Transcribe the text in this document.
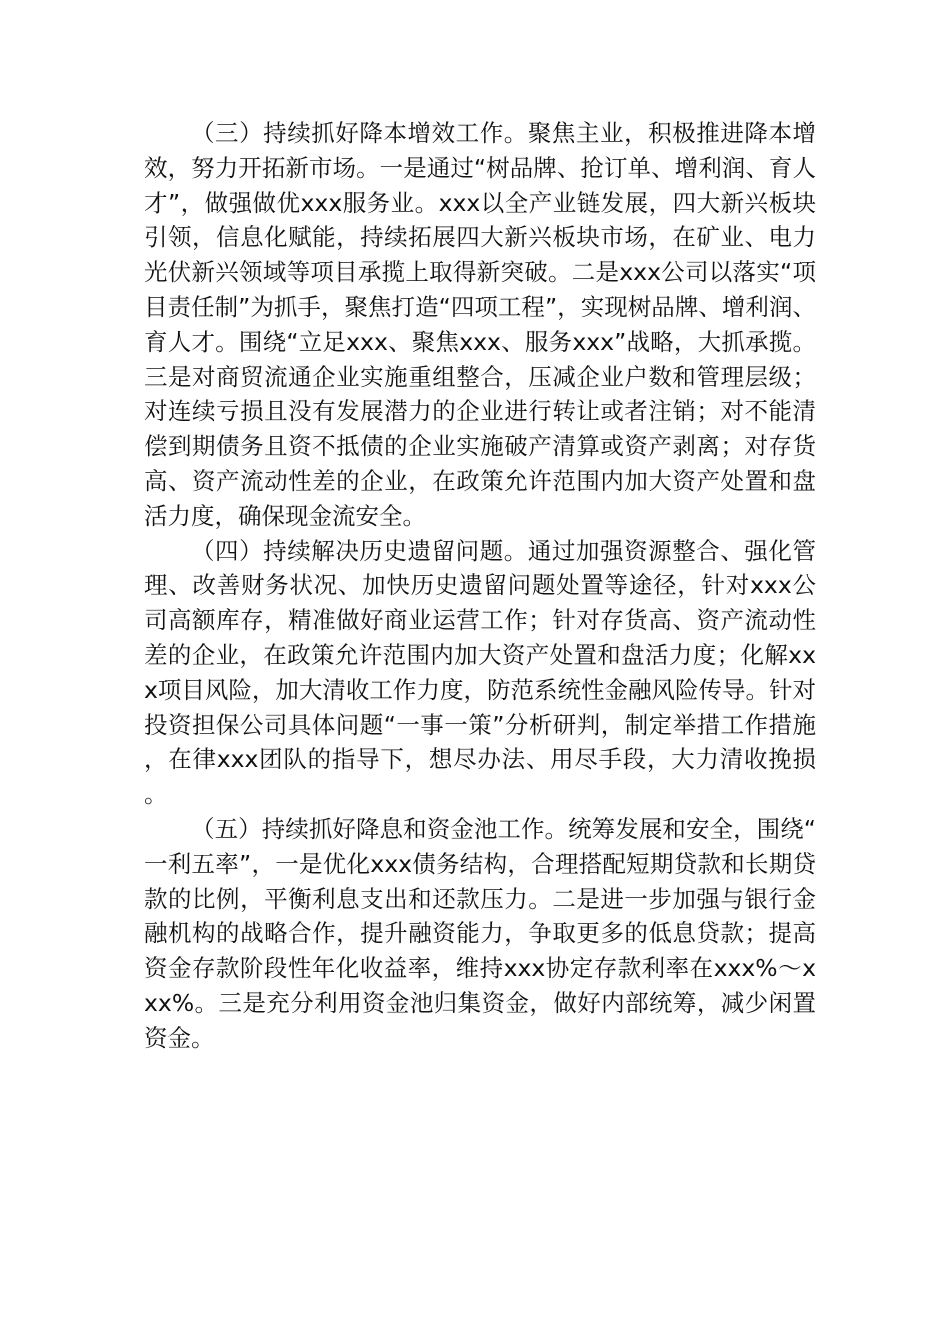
（三）持续抓好降本增效工作。聚焦主业，积极推进降本增效，努力开拓新市场。一是通过“树品牌、抢订单、增利润、育人才”，做强做优xxx服务业。xxx以全产业链发展，四大新兴板块引领，信息化赋能，持续拓展四大新兴板块市场，在矿业、电力光伏新兴领域等项目承揽上取得新突破。二是xxx公司以落实“项目责任制”为抓手，聚焦打造“四项工程”，实现树品牌、增利润、育人才。围绕“立足xxx、聚焦xxx、服务xxx”战略，大抓承揽。三是对商贸流通企业实施重组整合，压减企业户数和管理层级；对连续亏损且没有发展潜力的企业进行转让或者注销；对不能清偿到期债务且资不抵债的企业实施破产清算或资产剥离；对存货高、资产流动性差的企业，在政策允许范围内加大资产处置和盘活力度，确保现金流安全。

（四）持续解决历史遗留问题。通过加强资源整合、强化管理、改善财务状况、加快历史遗留问题处置等途径，针对xxx公司高额库存，精准做好商业运营工作；针对存货高、资产流动性差的企业，在政策允许范围内加大资产处置和盘活力度；化解xxx项目风险，加大清收工作力度，防范系统性金融风险传导。针对投资担保公司具体问题“一事一策”分析研判，制定举措工作措施，在律xxx团队的指导下，想尽办法、用尽手段，大力清收挽损。

（五）持续抓好降息和资金池工作。统筹发展和安全，围绕“一利五率”，一是优化xxx债务结构，合理搭配短期贷款和长期贷款的比例，平衡利息支出和还款压力。二是进一步加强与银行金融机构的战略合作，提升融资能力，争取更多的低息贷款；提高资金存款阶段性年化收益率，维持xxx协定存款利率在xxx%～xxx%。三是充分利用资金池归集资金，做好内部统筹，减少闲置资金。
